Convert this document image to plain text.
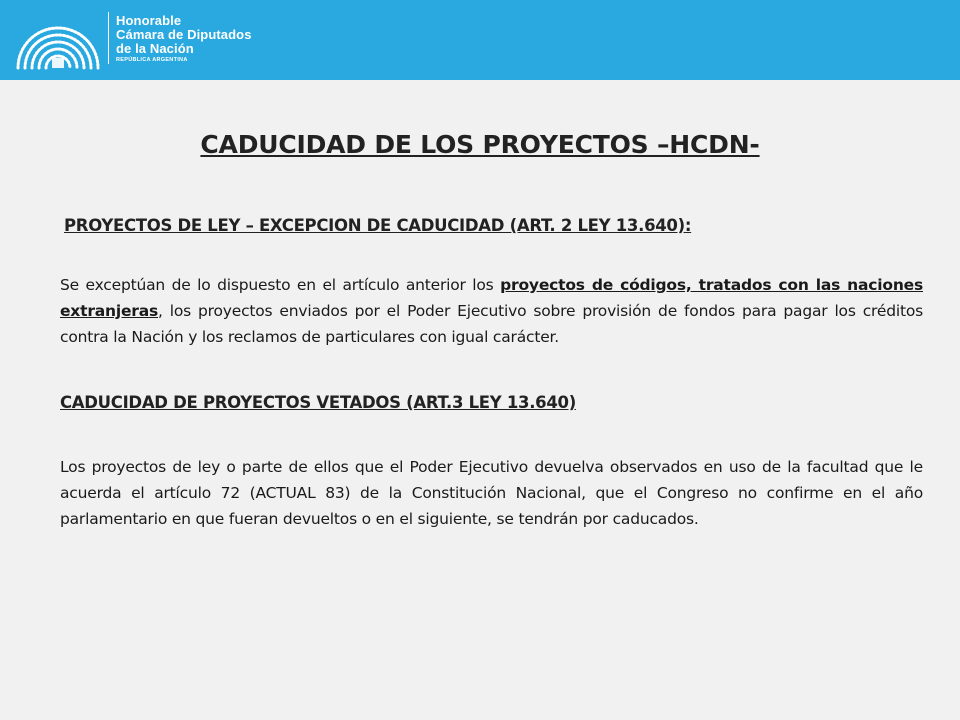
Honorable
Cámara de Diputados
de la Nación
REPÚBLICA ARGENTINA
CADUCIDAD DE LOS PROYECTOS –HCDN-
PROYECTOS DE LEY – EXCEPCION DE CADUCIDAD (ART. 2 LEY 13.640):
Se exceptúan de lo dispuesto en el artículo anterior los proyectos de códigos, tratados con las naciones extranjeras, los proyectos enviados por el Poder Ejecutivo sobre provisión de fondos para pagar los créditos contra la Nación y los reclamos de particulares con igual carácter.
CADUCIDAD DE PROYECTOS VETADOS (ART.3 LEY 13.640)
Los proyectos de ley o parte de ellos que el Poder Ejecutivo devuelva observados en uso de la facultad que le acuerda el artículo 72 (ACTUAL 83) de la Constitución Nacional, que el Congreso no confirme en el año parlamentario en que fueran devueltos o en el siguiente, se tendrán por caducados.
